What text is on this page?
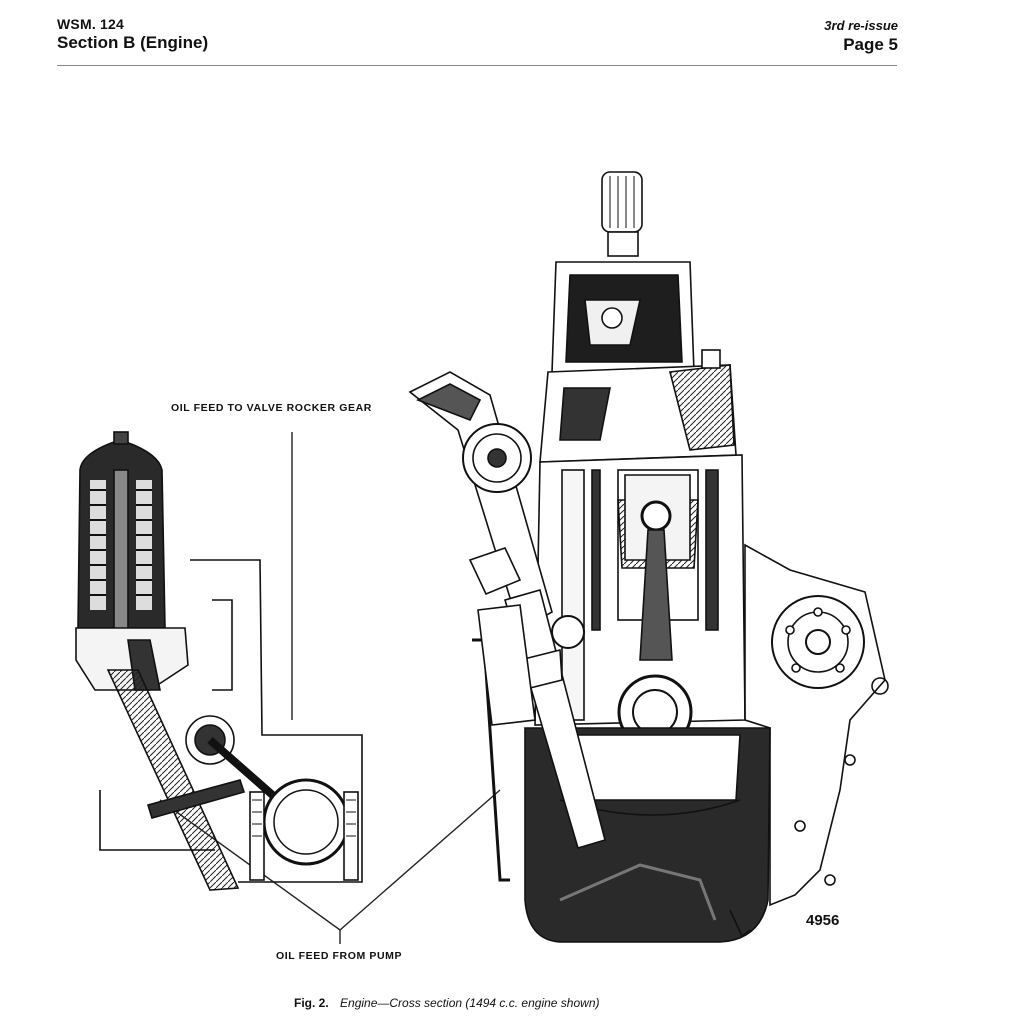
WSM. 124
Section B (Engine)
3rd re-issue
Page 5
OIL FEED TO VALVE ROCKER GEAR
OIL FEED FROM PUMP
4956
Fig. 2. Engine—Cross section (1494 c.c. engine shown)
